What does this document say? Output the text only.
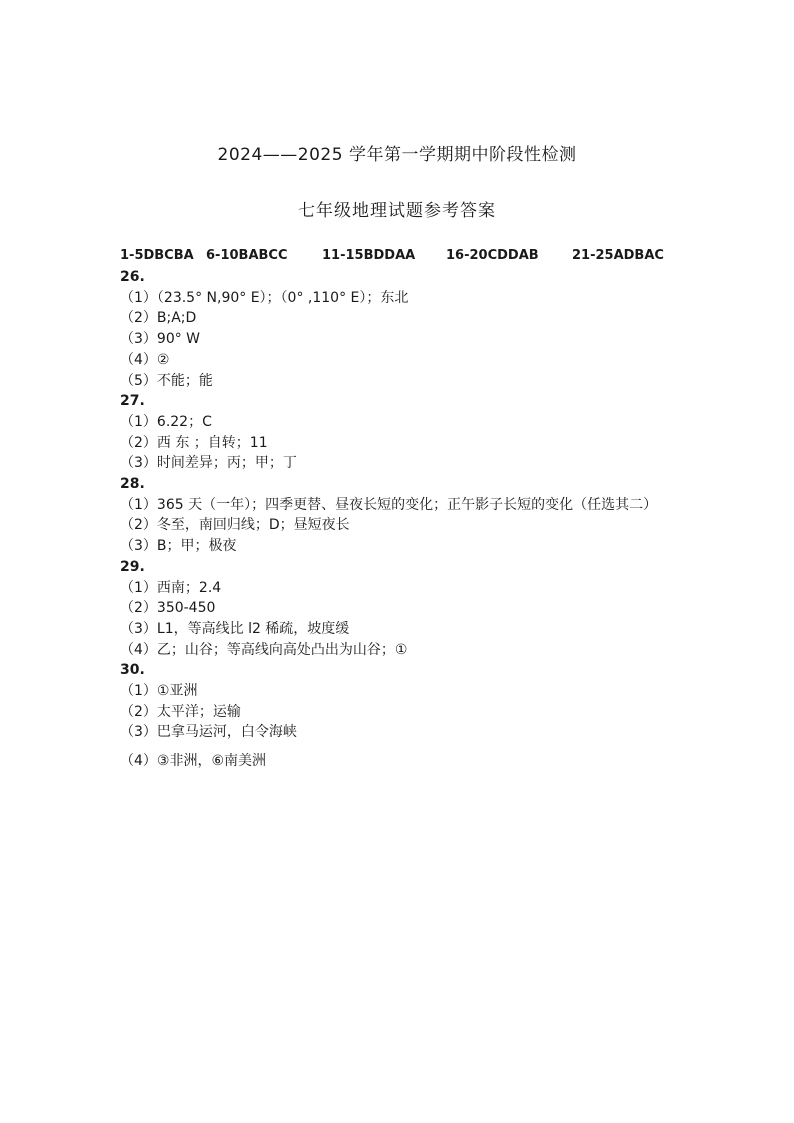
2024——2025 学年第一学期期中阶段性检测
七年级地理试题参考答案
1-5DBCBA 6-10BABCC	11-15BDDAA	16-20CDDAB	21-25ADBAC
26.
（1）（23.5° N,90° E）；（0° ,110° E）；东北
（2）B;A;D
（3）90° W
（4）②
（5）不能；能
27.
（1）6.22；C
（2）西 东 ；自转；11
（3）时间差异；丙；甲；丁
28.
（1）365 天（一年）；四季更替、昼夜长短的变化；正午影子长短的变化（任选其二）
（2）冬至，南回归线；D；昼短夜长
（3）B；甲；极夜
29.
（1）西南；2.4
（2）350-450
（3）L1，等高线比 l2 稀疏，坡度缓
（4）乙；山谷；等高线向高处凸出为山谷；①
30.
（1）①亚洲
（2）太平洋；运输
（3）巴拿马运河，白令海峡
（4）③非洲，⑥南美洲
